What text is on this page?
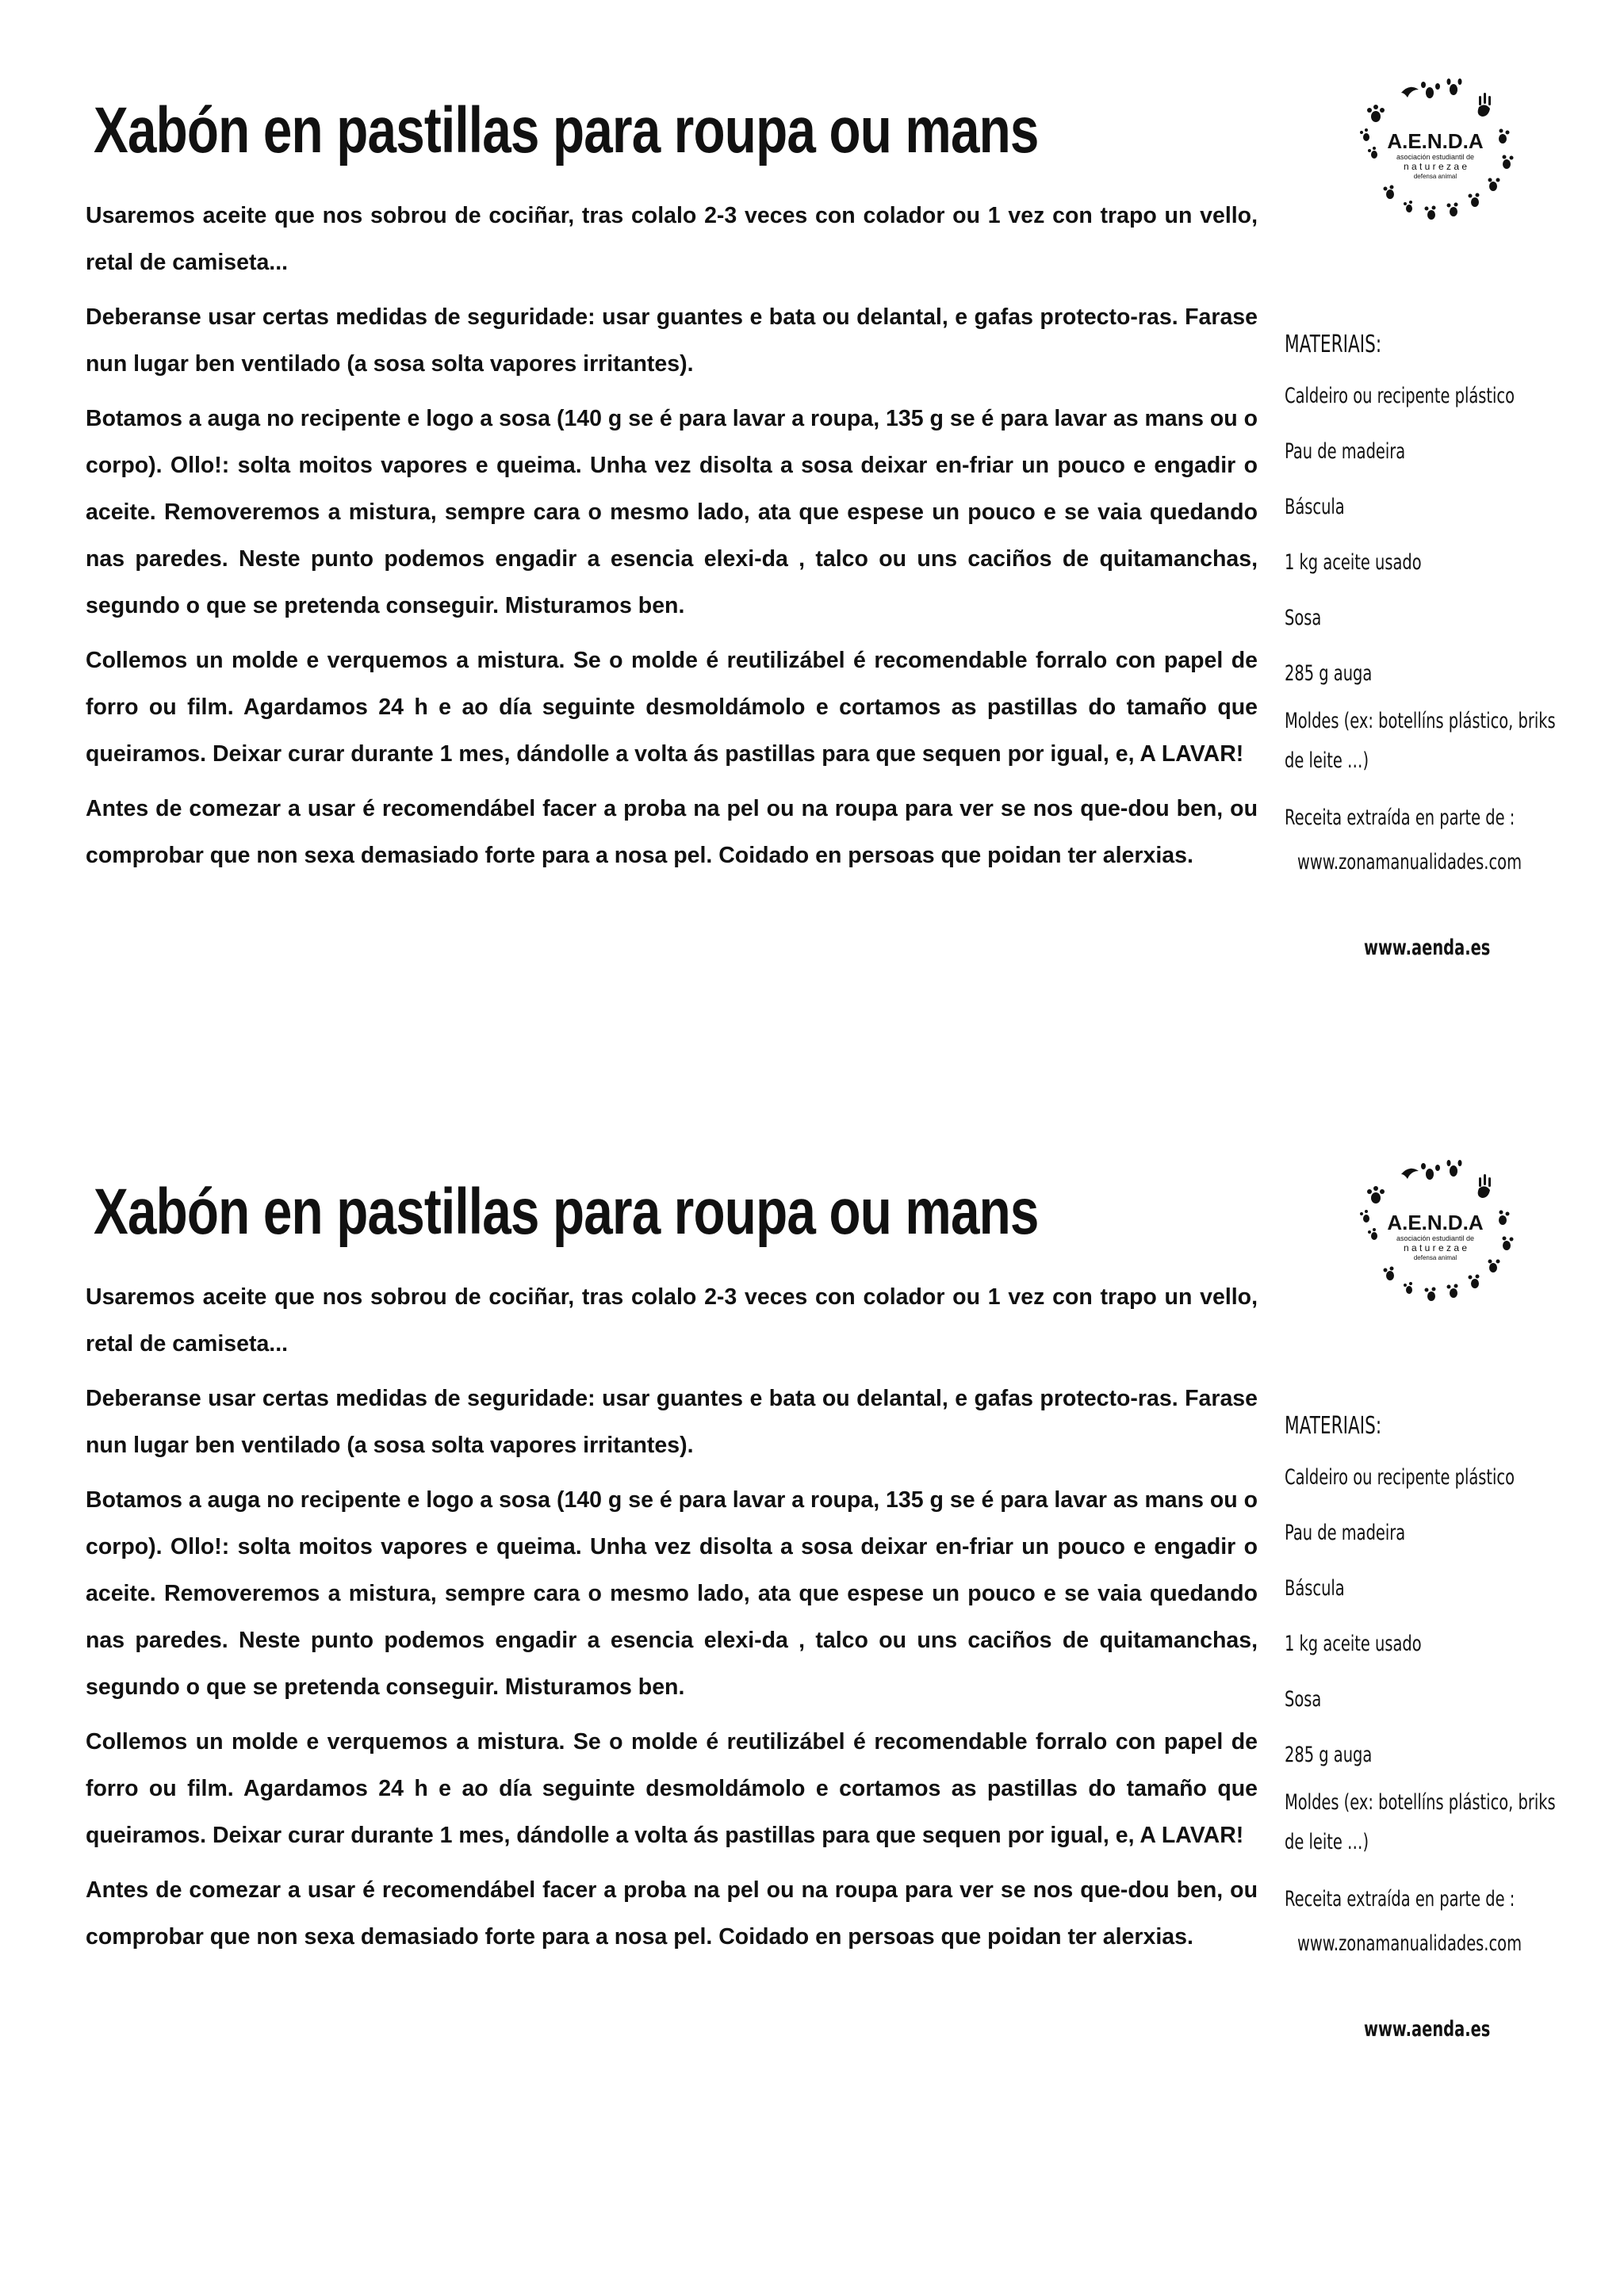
Xabón en pastillas para roupa ou mans	A.E.N.D.A
asociación estudiantil de
n a t u r e z a e
defensa animal

Usaremos aceite que nos sobrou de cociñar, tras colalo 2-3 veces con colador ou 1 vez con trapo un vello, retal de camiseta...

Deberanse usar certas medidas de seguridade: usar guantes e bata ou delantal, e gafas protecto-ras. Farase nun lugar ben ventilado (a sosa solta vapores irritantes).

Botamos a auga no recipente e logo a sosa (140 g se é para lavar a roupa, 135 g se é para lavar as mans ou o corpo). Ollo!: solta moitos vapores e queima. Unha vez disolta a sosa deixar en-friar un pouco e engadir o aceite. Removeremos a mistura, sempre cara o mesmo lado, ata que espese un pouco e se vaia quedando nas paredes. Neste punto podemos engadir a esencia elexi-da , talco ou uns caciños de quitamanchas, segundo o que se pretenda conseguir. Misturamos ben.

Collemos un molde e verquemos a mistura. Se o molde é reutilizábel é recomendable forralo con papel de forro ou film. Agardamos 24 h e ao día seguinte desmoldámolo e cortamos as pastillas do tamaño que queiramos. Deixar curar durante 1 mes, dándolle a volta ás pastillas para que sequen por igual, e, A LAVAR!

Antes de comezar a usar é recomendábel facer a proba na pel ou na roupa para ver se nos que-dou ben, ou comprobar que non sexa demasiado forte para a nosa pel. Coidado en persoas que poidan ter alerxias.

MATERIAIS:
Caldeiro ou recipente plástico
Pau de madeira
Báscula
1 kg aceite usado
Sosa
285 g auga
Moldes (ex: botellíns plástico, briks de leite …)
Receita extraída en parte de :
www.zonamanualidades.com
www.aenda.es
Xabón en pastillas para roupa ou mans	A.E.N.D.A
asociación estudiantil de
n a t u r e z a e
defensa animal

Usaremos aceite que nos sobrou de cociñar, tras colalo 2-3 veces con colador ou 1 vez con trapo un vello, retal de camiseta...

Deberanse usar certas medidas de seguridade: usar guantes e bata ou delantal, e gafas protecto-ras. Farase nun lugar ben ventilado (a sosa solta vapores irritantes).

Botamos a auga no recipente e logo a sosa (140 g se é para lavar a roupa, 135 g se é para lavar as mans ou o corpo). Ollo!: solta moitos vapores e queima. Unha vez disolta a sosa deixar en-friar un pouco e engadir o aceite. Removeremos a mistura, sempre cara o mesmo lado, ata que espese un pouco e se vaia quedando nas paredes. Neste punto podemos engadir a esencia elexi-da , talco ou uns caciños de quitamanchas, segundo o que se pretenda conseguir. Misturamos ben.

Collemos un molde e verquemos a mistura. Se o molde é reutilizábel é recomendable forralo con papel de forro ou film. Agardamos 24 h e ao día seguinte desmoldámolo e cortamos as pastillas do tamaño que queiramos. Deixar curar durante 1 mes, dándolle a volta ás pastillas para que sequen por igual, e, A LAVAR!

Antes de comezar a usar é recomendábel facer a proba na pel ou na roupa para ver se nos que-dou ben, ou comprobar que non sexa demasiado forte para a nosa pel. Coidado en persoas que poidan ter alerxias.

MATERIAIS:
Caldeiro ou recipente plástico
Pau de madeira
Báscula
1 kg aceite usado
Sosa
285 g auga
Moldes (ex: botellíns plástico, briks de leite …)
Receita extraída en parte de :
www.zonamanualidades.com
www.aenda.es
